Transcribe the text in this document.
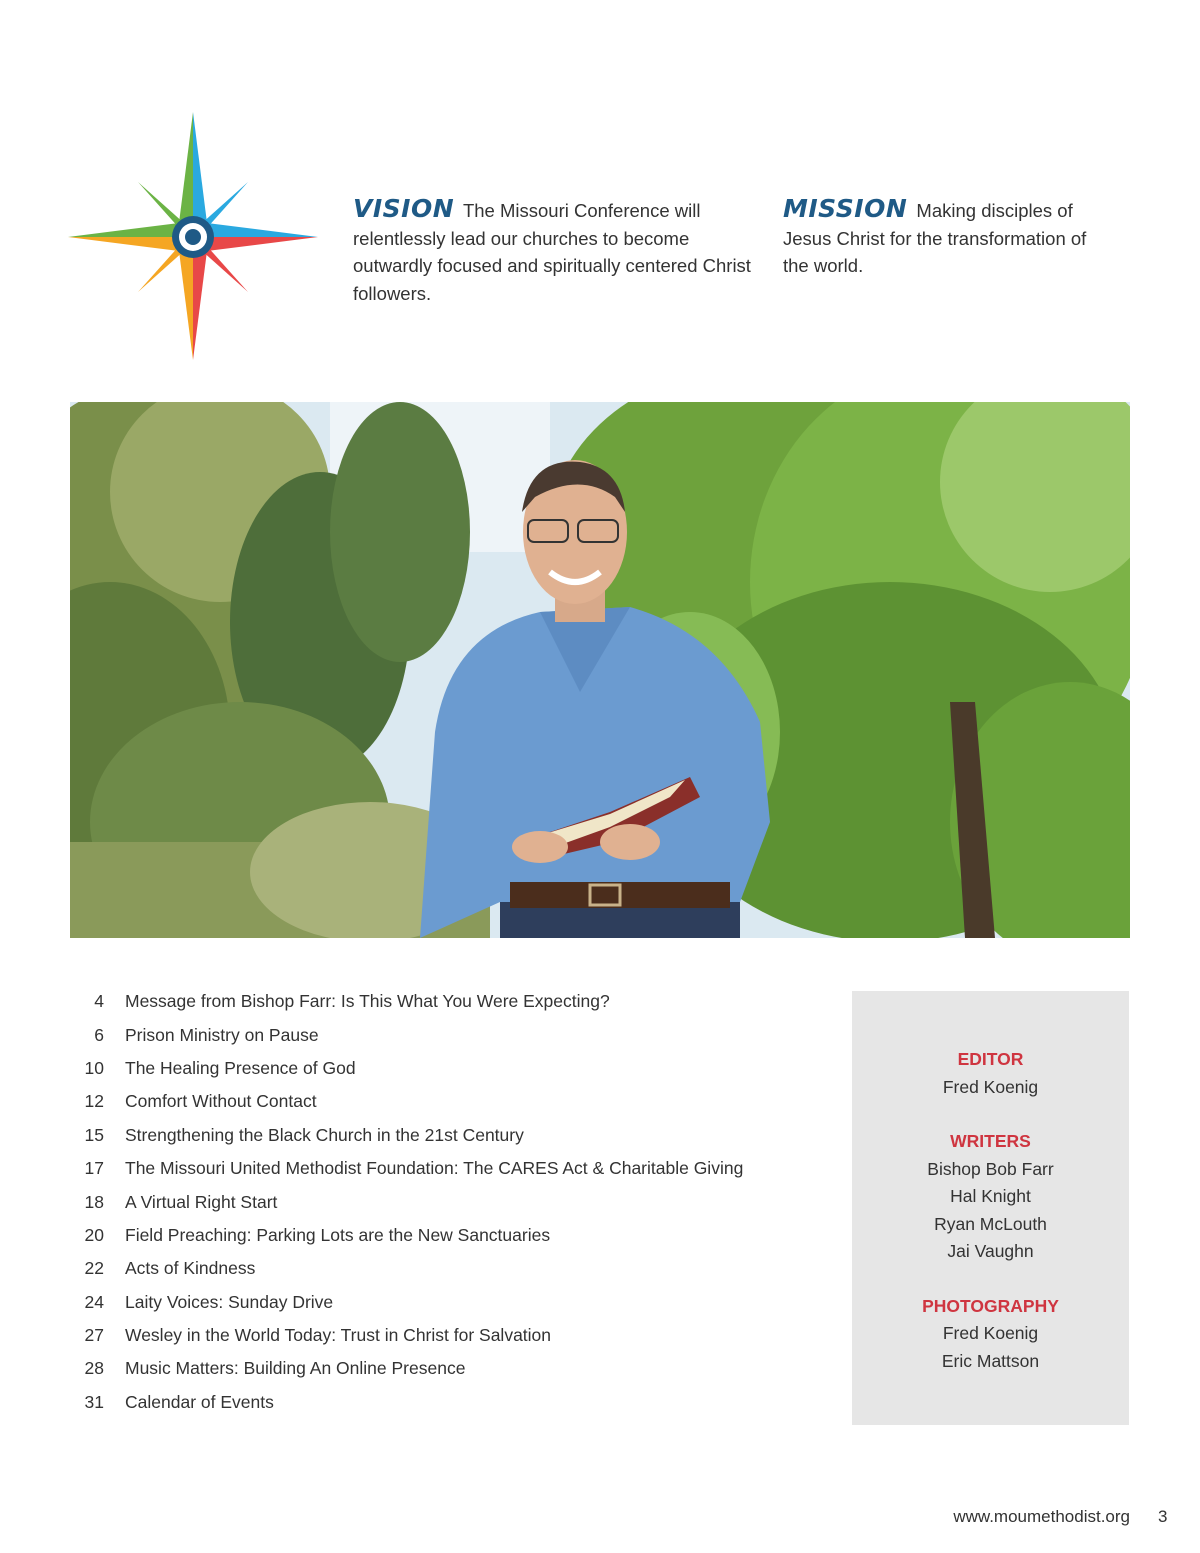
VISION The Missouri Conference will relentlessly lead our churches to become outwardly focused and spiritually centered Christ followers.
MISSION Making disciples of Jesus Christ for the transformation of the world.
4 Message from Bishop Farr: Is This What You Were Expecting?
6 Prison Ministry on Pause
10 The Healing Presence of God
12 Comfort Without Contact
15 Strengthening the Black Church in the 21st Century
17 The Missouri United Methodist Foundation: The CARES Act & Charitable Giving
18 A Virtual Right Start
20 Field Preaching: Parking Lots are the New Sanctuaries
22 Acts of Kindness
24 Laity Voices: Sunday Drive
27 Wesley in the World Today: Trust in Christ for Salvation
28 Music Matters: Building An Online Presence
31 Calendar of Events
EDITOR
Fred Koenig
WRITERS
Bishop Bob Farr
Hal Knight
Ryan McLouth
Jai Vaughn
PHOTOGRAPHY
Fred Koenig
Eric Mattson
www.moumethodist.org 3
